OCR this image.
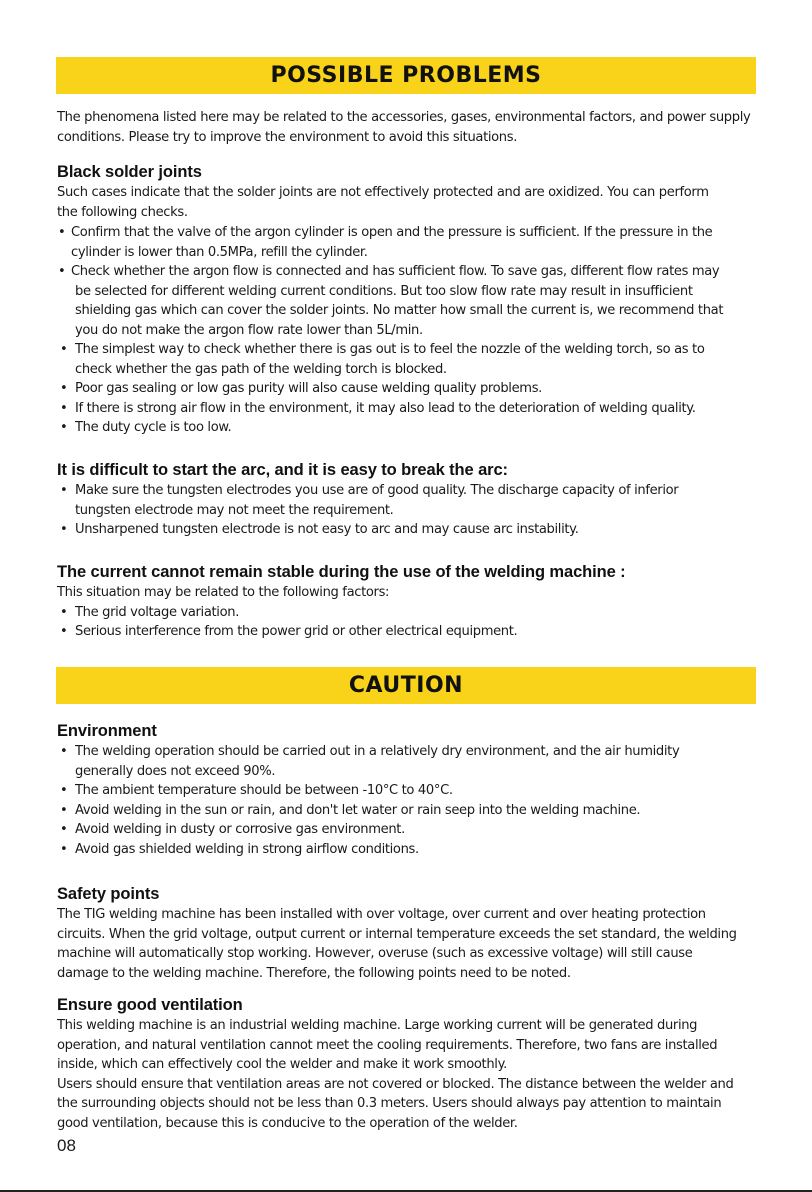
POSSIBLE PROBLEMS

The phenomena listed here may be related to the accessories, gases, environmental factors, and power supply

conditions. Please try to improve the environment to avoid this situations.

Black solder joints

Such cases indicate that the solder joints are not effectively protected and are oxidized. You can perform

the following checks.

• Confirm that the valve of the argon cylinder is open and the pressure is sufficient. If the pressure in the
cylinder is lower than 0.5MPa, refill the cylinder.
• Check whether the argon flow is connected and has sufficient flow. To save gas, different flow rates may
be selected for different welding current conditions. But too slow flow rate may result in insufficient
shielding gas which can cover the solder joints. No matter how small the current is, we recommend that
you do not make the argon flow rate lower than 5L/min.
• The simplest way to check whether there is gas out is to feel the nozzle of the welding torch, so as to
check whether the gas path of the welding torch is blocked.
• Poor gas sealing or low gas purity will also cause welding quality problems.
• If there is strong air flow in the environment, it may also lead to the deterioration of welding quality.
• The duty cycle is too low.
It is difficult to start the arc, and it is easy to break the arc:
• Make sure the tungsten electrodes you use are of good quality. The discharge capacity of inferior
tungsten electrode may not meet the requirement.
• Unsharpened tungsten electrode is not easy to arc and may cause arc instability.
The current cannot remain stable during the use of the welding machine :

This situation may be related to the following factors:

• The grid voltage variation.
• Serious interference from the power grid or other electrical equipment.
CAUTION
Environment
• The welding operation should be carried out in a relatively dry environment, and the air humidity
generally does not exceed 90%.
• The ambient temperature should be between -10°C to 40°C.
• Avoid welding in the sun or rain, and don't let water or rain seep into the welding machine.
• Avoid welding in dusty or corrosive gas environment.
• Avoid gas shielded welding in strong airflow conditions.
Safety points

The TIG welding machine has been installed with over voltage, over current and over heating protection

circuits. When the grid voltage, output current or internal temperature exceeds the set standard, the welding

machine will automatically stop working. However, overuse (such as excessive voltage) will still cause

damage to the welding machine. Therefore, the following points need to be noted.

Ensure good ventilation

This welding machine is an industrial welding machine. Large working current will be generated during

operation, and natural ventilation cannot meet the cooling requirements. Therefore, two fans are installed

inside, which can effectively cool the welder and make it work smoothly.

Users should ensure that ventilation areas are not covered or blocked. The distance between the welder and

the surrounding objects should not be less than 0.3 meters. Users should always pay attention to maintain

good ventilation, because this is conducive to the operation of the welder.

08
